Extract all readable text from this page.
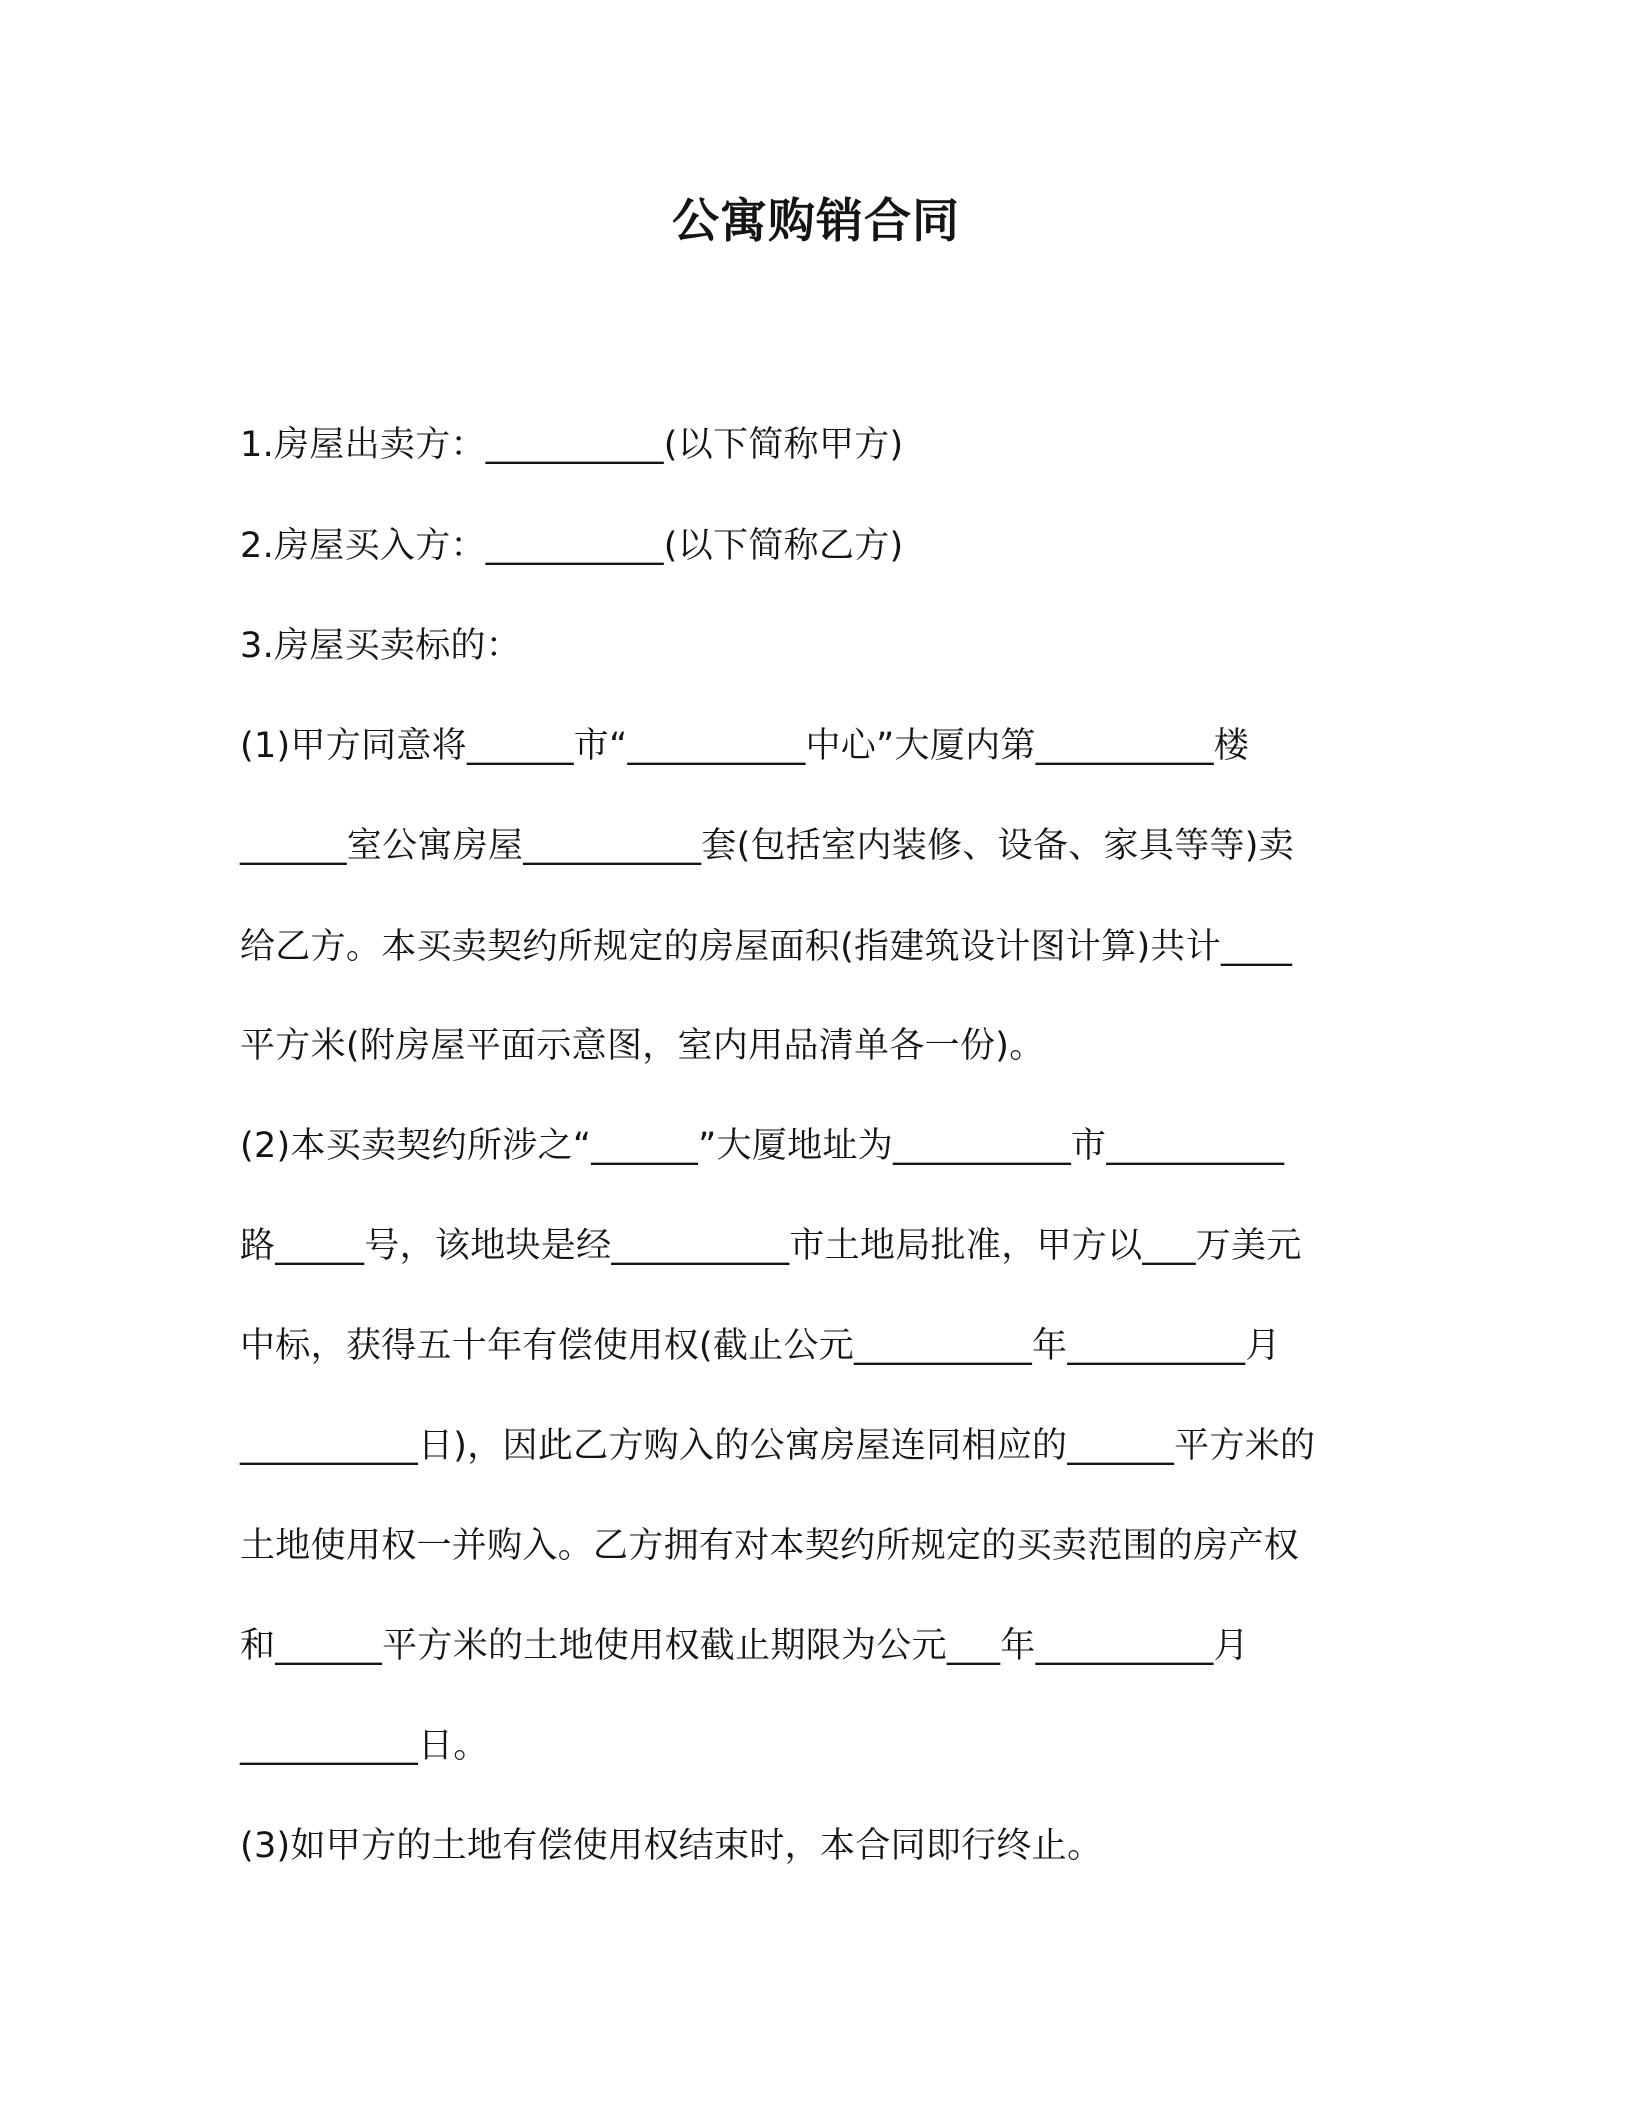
公寓购销合同
1.房屋出卖方：__________(以下简称甲方)
2.房屋买入方：__________(以下简称乙方)
3.房屋买卖标的：
(1)甲方同意将______市“__________中心”大厦内第__________楼
______室公寓房屋__________套(包括室内装修、设备、家具等等)卖
给乙方。本买卖契约所规定的房屋面积(指建筑设计图计算)共计____
平方米(附房屋平面示意图，室内用品清单各一份)。
(2)本买卖契约所涉之“______”大厦地址为__________市__________
路_____号，该地块是经__________市土地局批准，甲方以___万美元
中标，获得五十年有偿使用权(截止公元__________年__________月
__________日)，因此乙方购入的公寓房屋连同相应的______平方米的
土地使用权一并购入。乙方拥有对本契约所规定的买卖范围的房产权
和______平方米的土地使用权截止期限为公元___年__________月
__________日。
(3)如甲方的土地有偿使用权结束时，本合同即行终止。
